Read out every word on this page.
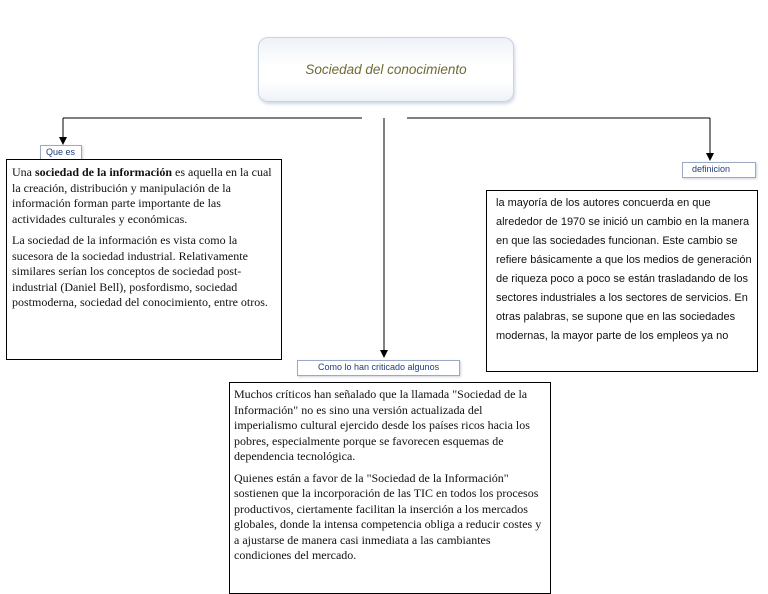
Sociedad del conocimiento
Que es

Una sociedad de la información es aquella en la cual la creación, distribución y manipulación de la información forman parte importante de las actividades culturales y económicas.

La sociedad de la información es vista como la sucesora de la sociedad industrial. Relativamente similares serían los conceptos de sociedad post-industrial (Daniel Bell), posfordismo, sociedad postmoderna, sociedad del conocimiento, entre otros.

definicion

la mayoría de los autores concuerda en que alrededor de 1970 se inició un cambio en la manera en que las sociedades funcionan. Este cambio se refiere básicamente a que los medios de generación de riqueza poco a poco se están trasladando de los sectores industriales a los sectores de servicios. En otras palabras, se supone que en las sociedades modernas, la mayor parte de los empleos ya no

Como lo han criticado algunos

Muchos críticos han señalado que la llamada "Sociedad de la Información" no es sino una versión actualizada del imperialismo cultural ejercido desde los países ricos hacia los pobres, especialmente porque se favorecen esquemas de dependencia tecnológica.

Quienes están a favor de la "Sociedad de la Información" sostienen que la incorporación de las TIC en todos los procesos productivos, ciertamente facilitan la inserción a los mercados globales, donde la intensa competencia obliga a reducir costes y a ajustarse de manera casi inmediata a las cambiantes condiciones del mercado.
